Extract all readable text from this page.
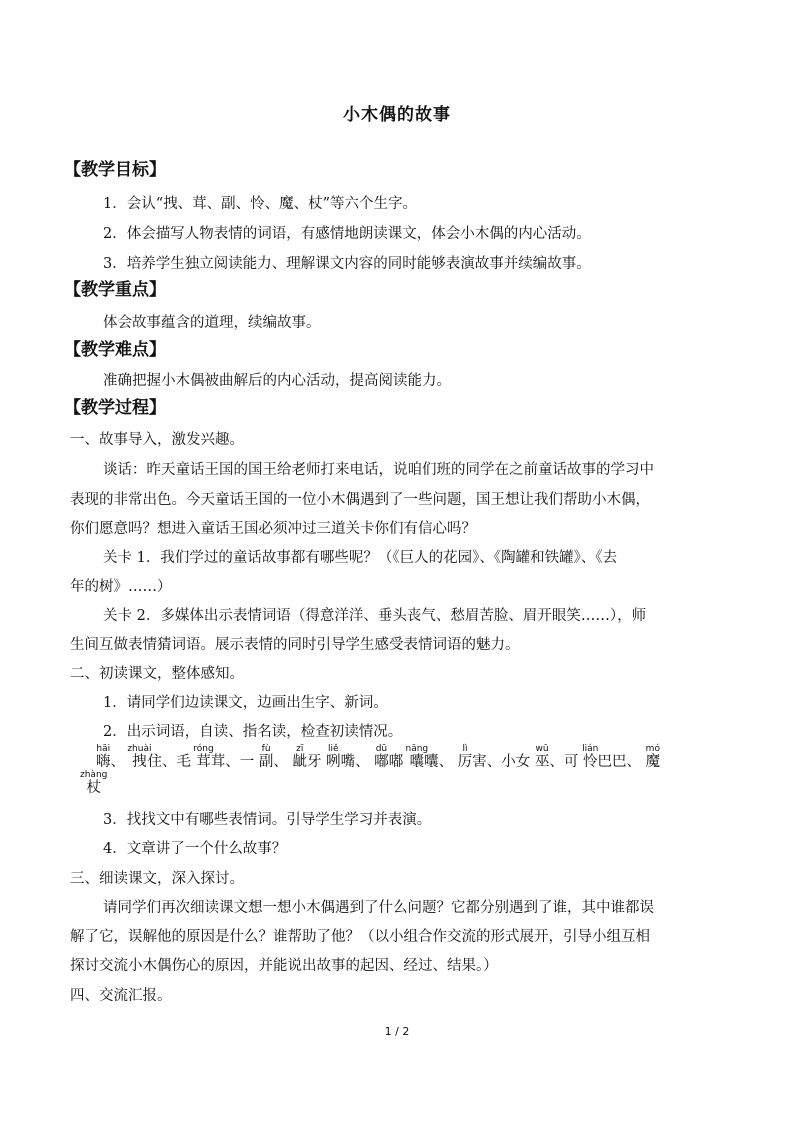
小木偶的故事
【教学目标】
1．会认“拽、茸、副、怜、魔、杖”等六个生字。
2．体会描写人物表情的词语，有感情地朗读课文，体会小木偶的内心活动。
3．培养学生独立阅读能力、理解课文内容的同时能够表演故事并续编故事。
【教学重点】
体会故事蕴含的道理，续编故事。
【教学难点】
准确把握小木偶被曲解后的内心活动，提高阅读能力。
【教学过程】
一、故事导入，激发兴趣。
谈话：昨天童话王国的国王给老师打来电话，说咱们班的同学在之前童话故事的学习中
表现的非常出色。今天童话王国的一位小木偶遇到了一些问题，国王想让我们帮助小木偶，
你们愿意吗？想进入童话王国必须冲过三道关卡你们有信心吗？
关卡 1．我们学过的童话故事都有哪些呢？（《巨人的花园》、《陶罐和铁罐》、《去
年的树》……）
关卡 2．多媒体出示表情词语（得意洋洋、垂头丧气、愁眉苦脸、眉开眼笑……），师
生间互做表情猜词语。展示表情的同时引导学生感受表情词语的魅力。
二、初读课文，整体感知。
1．请同学们边读课文，边画出生字、新词。
2．出示词语，自读、指名读，检查初读情况。
嗨hāi、 拽zhuài住、毛 茸róng茸、一 副fù、 龇zī牙 咧liě嘴、 嘟dū嘟 囔nāng囔、 厉lì害、小女 巫wū、可 怜lián巴巴、 魔mó
杖zhàng
3．找找文中有哪些表情词。引导学生学习并表演。
4．文章讲了一个什么故事？
三、细读课文，深入探讨。
请同学们再次细读课文想一想小木偶遇到了什么问题？它都分别遇到了谁，其中谁都误
解了它，误解他的原因是什么？谁帮助了他？（以小组合作交流的形式展开，引导小组互相
探讨交流小木偶伤心的原因，并能说出故事的起因、经过、结果。）
四、交流汇报。
1 / 2
